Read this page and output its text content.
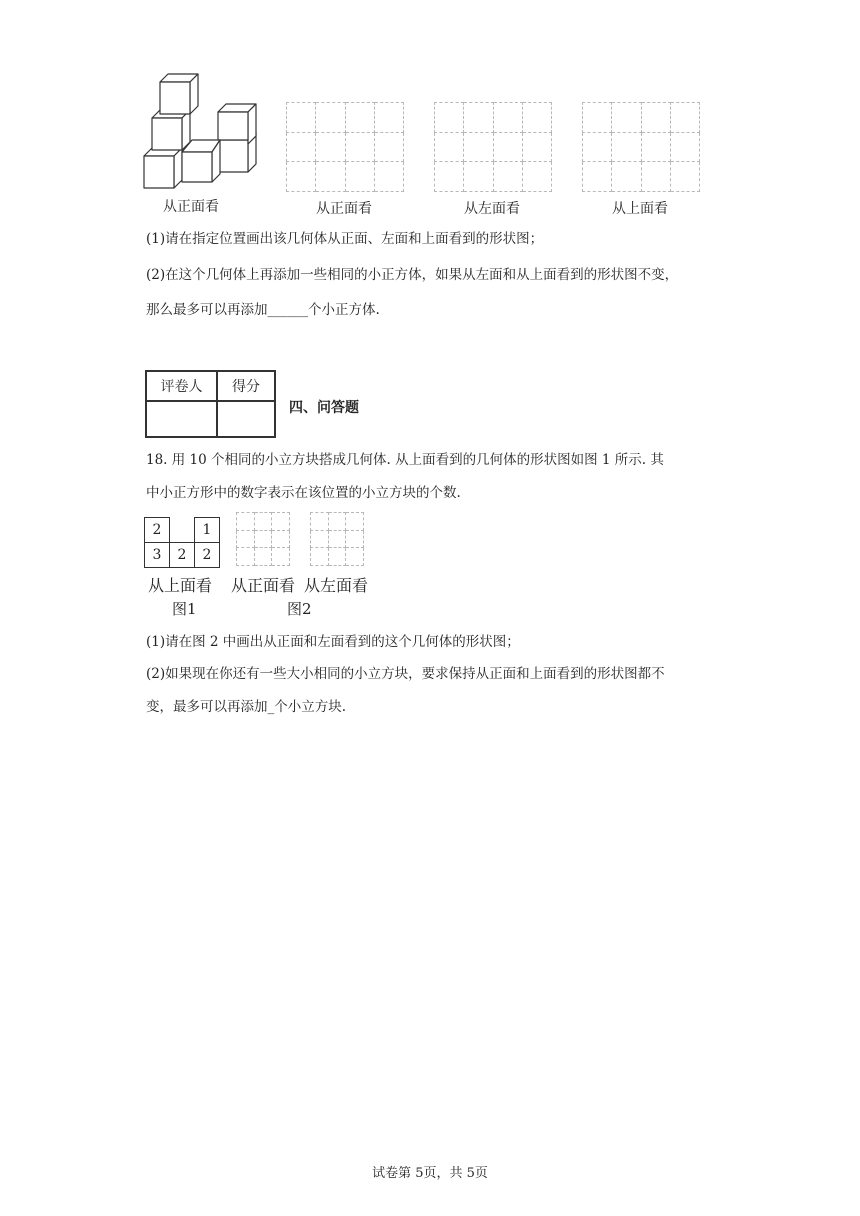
从正面看

				从正面看

				从左面看

				从上面看
(1)请在指定位置画出该几何体从正面、左面和上面看到的形状图；
(2)在这个几何体上再添加一些相同的小正方体，如果从左面和从上面看到的形状图不变，
那么最多可以再添加______个小正方体.
评卷人	得分

四、问答题
18. 用 10 个相同的小立方块搭成几何体. 从上面看到的几何体的形状图如图 1 所示. 其
中小正方形中的数字表示在该位置的小立方块的个数.
2		1
3	2	2

从上面看 从正面看 从左面看
图1	图2
(1)请在图 2 中画出从正面和左面看到的这个几何体的形状图；
(2)如果现在你还有一些大小相同的小立方块，要求保持从正面和上面看到的形状图都不
变，最多可以再添加_个小立方块.
试卷第 5页，共 5页
